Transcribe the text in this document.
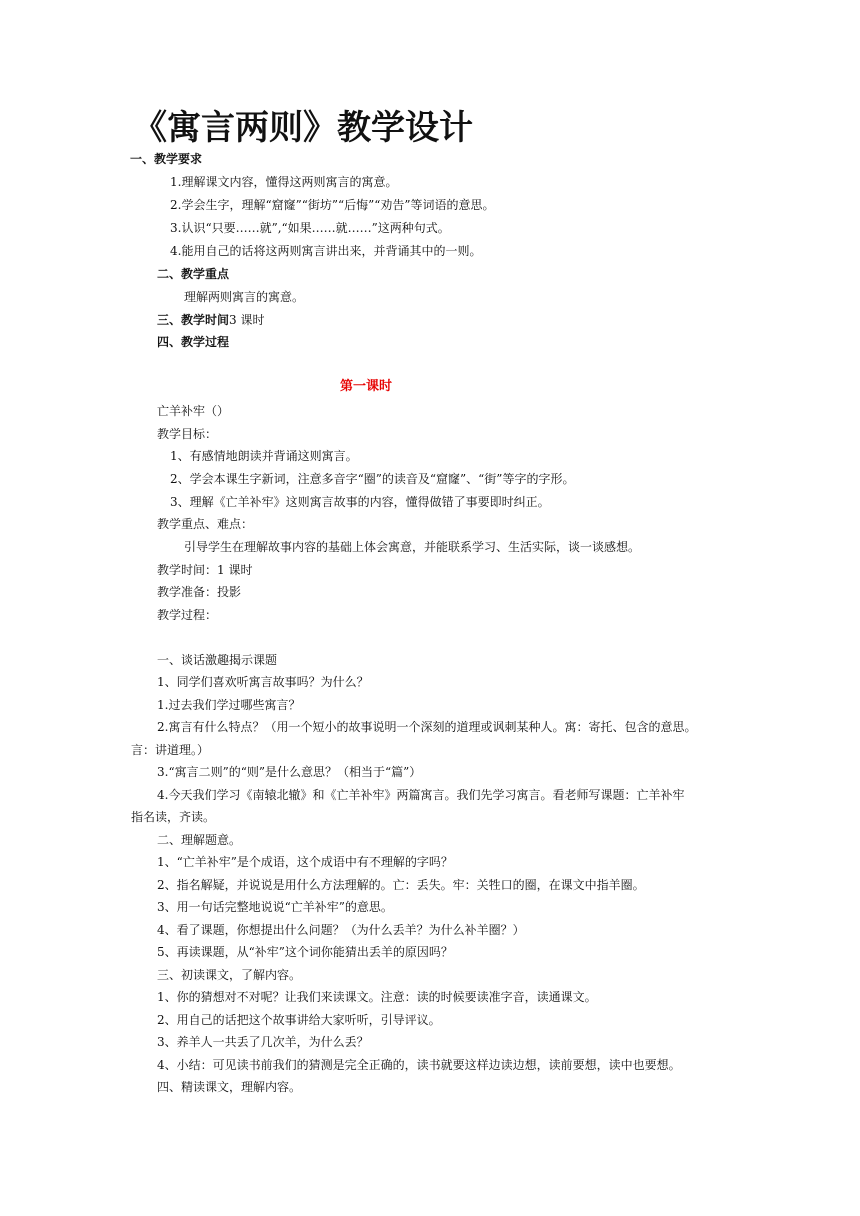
《寓言两则》教学设计
一、教学要求
1.理解课文内容，懂得这两则寓言的寓意。
2.学会生字，理解“窟窿”“街坊”“后悔”“劝告”等词语的意思。
3.认识“只要……就”,“如果……就……”这两种句式。
4.能用自己的话将这两则寓言讲出来，并背诵其中的一则。
二、教学重点
理解两则寓言的寓意。
三、教学时间3 课时
四、教学过程
第一课时
亡羊补牢（）
教学目标：
1、有感情地朗读并背诵这则寓言。
2、学会本课生字新词，注意多音字“圈”的读音及“窟窿”、“街”等字的字形。
3、理解《亡羊补牢》这则寓言故事的内容，懂得做错了事要即时纠正。
教学重点、难点：
引导学生在理解故事内容的基础上体会寓意，并能联系学习、生活实际，谈一谈感想。
教学时间：1 课时
教学准备：投影
教学过程：
一、谈话激趣揭示课题
1、同学们喜欢听寓言故事吗？为什么？
1.过去我们学过哪些寓言？
2.寓言有什么特点？（用一个短小的故事说明一个深刻的道理或讽刺某种人。寓：寄托、包含的意思。
言：讲道理。）
3.“寓言二则”的“则”是什么意思？（相当于“篇”）
4.今天我们学习《南辕北辙》和《亡羊补牢》两篇寓言。我们先学习寓言。看老师写课题：亡羊补牢
指名读，齐读。
二、理解题意。
1、“亡羊补牢”是个成语，这个成语中有不理解的字吗？
2、指名解疑，并说说是用什么方法理解的。亡：丢失。牢：关牲口的圈，在课文中指羊圈。
3、用一句话完整地说说“亡羊补牢”的意思。
4、看了课题，你想提出什么问题？（为什么丢羊？为什么补羊圈？）
5、再读课题，从“补牢”这个词你能猜出丢羊的原因吗？
三、初读课文，了解内容。
1、你的猜想对不对呢？让我们来读课文。注意：读的时候要读准字音，读通课文。
2、用自己的话把这个故事讲给大家听听，引导评议。
3、养羊人一共丢了几次羊，为什么丢？
4、小结：可见读书前我们的猜测是完全正确的，读书就要这样边读边想，读前要想，读中也要想。
四、精读课文，理解内容。
